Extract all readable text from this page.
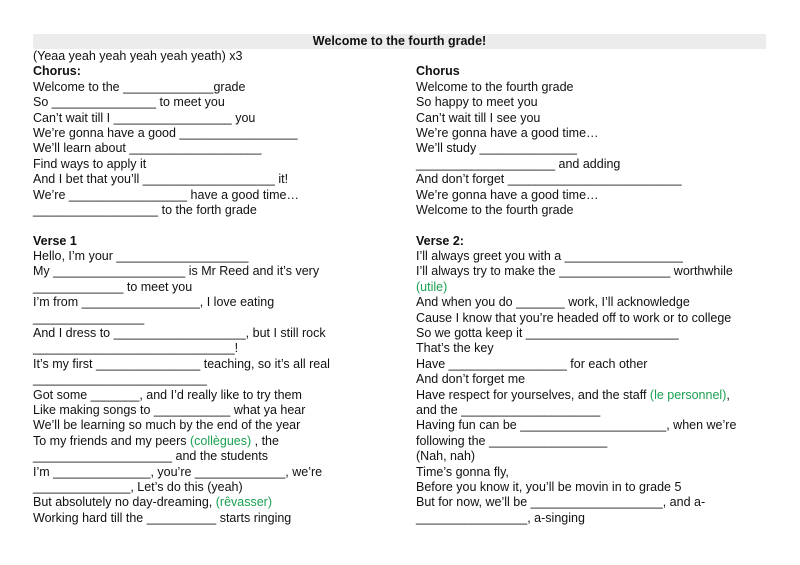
Welcome to the fourth grade!
(Yeaa yeah yeah yeah yeah yeath) x3
Chorus:
Welcome to the _____________grade
So _______________ to meet you
Can’t wait till I _________________ you
We’re gonna have a good _________________
We’ll learn about ___________________
Find ways to apply it
And I bet that you’ll ___________________ it!
We’re _________________ have a good time…
__________________ to the forth grade
Verse 1
Hello, I’m your ___________________
My ___________________ is Mr Reed and it’s very
_____________ to meet you
I’m from _________________, I love eating
________________
And I dress to ___________________, but I still rock
_____________________________!
It’s my first _______________ teaching, so it’s all real
_________________________
Got some _______, and I’d really like to try them
Like making songs to ___________ what ya hear
We’ll be learning so much by the end of the year
To my friends and my peers (collègues) , the
____________________ and the students
I’m ______________, you’re _____________, we’re
______________, Let’s do this (yeah)
But absolutely no day-dreaming, (rêvasser)
Working hard till the __________ starts ringing
Chorus
Welcome to the fourth grade
So happy to meet you
Can’t wait till I see you
We’re gonna have a good time…
We’ll study ______________
____________________ and adding
And don’t forget _________________________
We’re gonna have a good time…
Welcome to the fourth grade
Verse 2:
I’ll always greet you with a _________________
I’ll always try to make the ________________ worthwhile
(utile)
And when you do _______ work, I’ll acknowledge
Cause I know that you’re headed off to work or to college
So we gotta keep it ______________________
That’s the key
Have _________________ for each other
And don’t forget me
Have respect for yourselves, and the staff (le personnel),
and the ____________________
Having fun can be _____________________, when we’re
following the _________________
(Nah, nah)
Time’s gonna fly,
Before you know it, you’ll be movin in to grade 5
But for now, we’ll be ___________________, and a-
________________, a-singing
